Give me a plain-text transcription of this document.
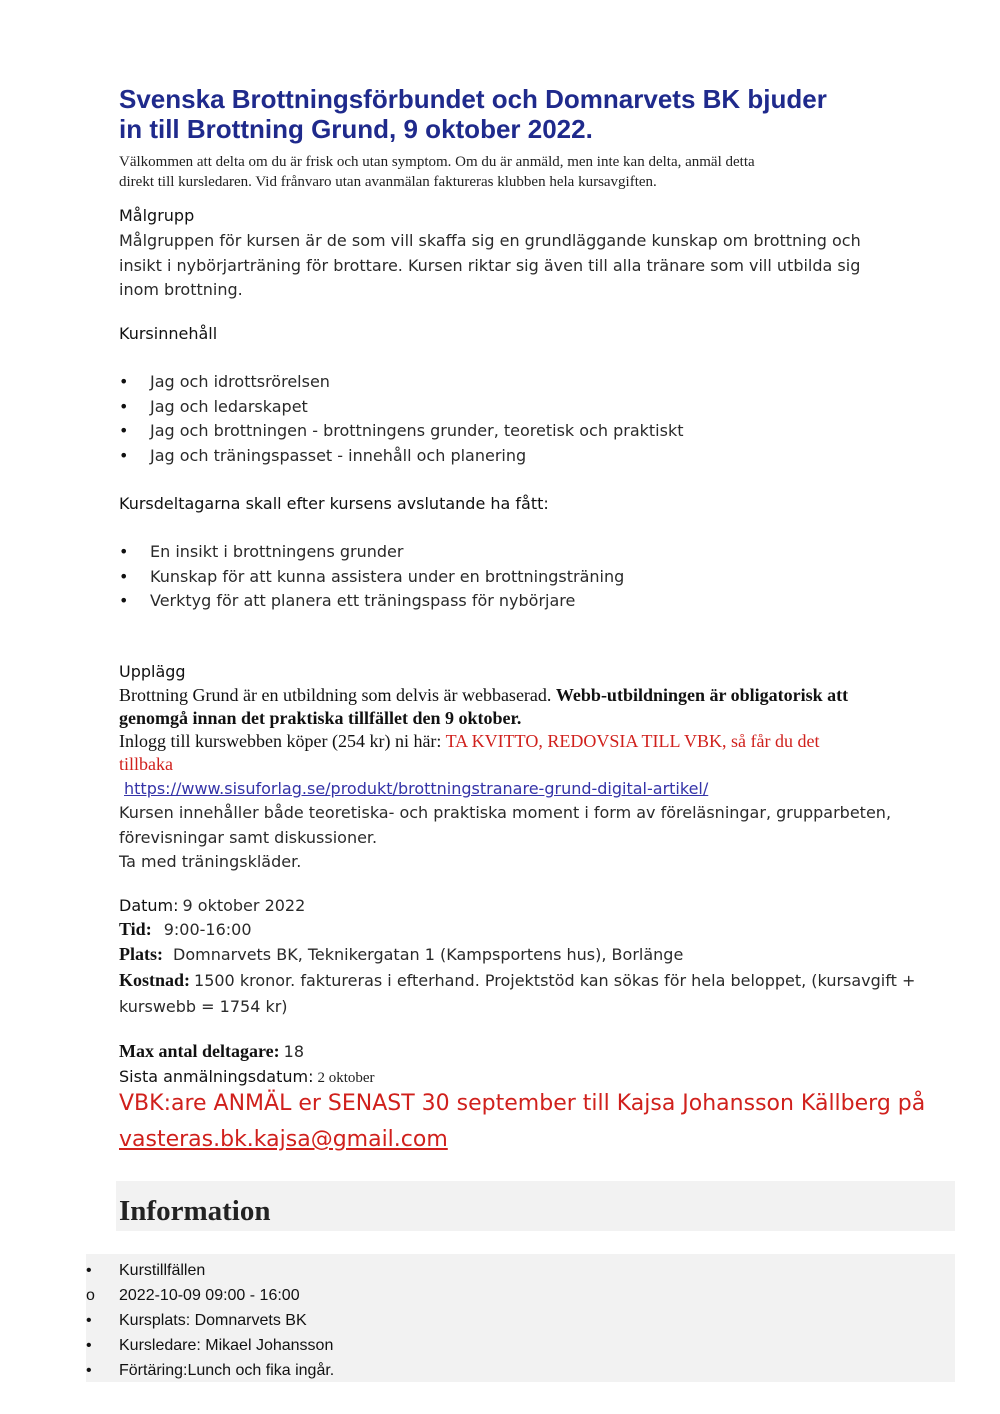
Svenska Brottningsförbundet och Domnarvets BK bjuder
in till Brottning Grund, 9 oktober 2022.
Välkommen att delta om du är frisk och utan symptom. Om du är anmäld, men inte kan delta, anmäl detta
direkt till kursledaren. Vid frånvaro utan avanmälan faktureras klubben hela kursavgiften.
Målgrupp
Målgruppen för kursen är de som vill skaffa sig en grundläggande kunskap om brottning och
insikt i nybörjarträning för brottare. Kursen riktar sig även till alla tränare som vill utbilda sig
inom brottning.
Kursinnehåll
• Jag och idrottsrörelsen
• Jag och ledarskapet
• Jag och brottningen - brottningens grunder, teoretisk och praktiskt
• Jag och träningspasset - innehåll och planering
Kursdeltagarna skall efter kursens avslutande ha fått:
• En insikt i brottningens grunder
• Kunskap för att kunna assistera under en brottningsträning
• Verktyg för att planera ett träningspass för nybörjare
Upplägg
Brottning Grund är en utbildning som delvis är webbaserad. Webb-utbildningen är obligatorisk att
genomgå innan det praktiska tillfället den 9 oktober.
Inlogg till kurswebben köper (254 kr) ni här: TA KVITTO, REDOVSIA TILL VBK, så får du det
tillbaka
https://www.sisuforlag.se/produkt/brottningstranare-grund-digital-artikel/
Kursen innehåller både teoretiska- och praktiska moment i form av föreläsningar, grupparbeten,
förevisningar samt diskussioner.
Ta med träningskläder.
Datum: 9 oktober 2022
Tid: 9:00-16:00
Plats: Domnarvets BK, Teknikergatan 1 (Kampsportens hus), Borlänge
Kostnad: 1500 kronor. faktureras i efterhand. Projektstöd kan sökas för hela beloppet, (kursavgift +
kurswebb = 1754 kr)
Max antal deltagare: 18
Sista anmälningsdatum: 2 oktober
VBK:are ANMÄL er SENAST 30 september till Kajsa Johansson Källberg på
vasteras.bk.kajsa@gmail.com
Information
•	Kurstillfällen
o	2022-10-09 09:00 - 16:00
•	Kursplats: Domnarvets BK
•	Kursledare: Mikael Johansson
•	Förtäring:Lunch och fika ingår.
